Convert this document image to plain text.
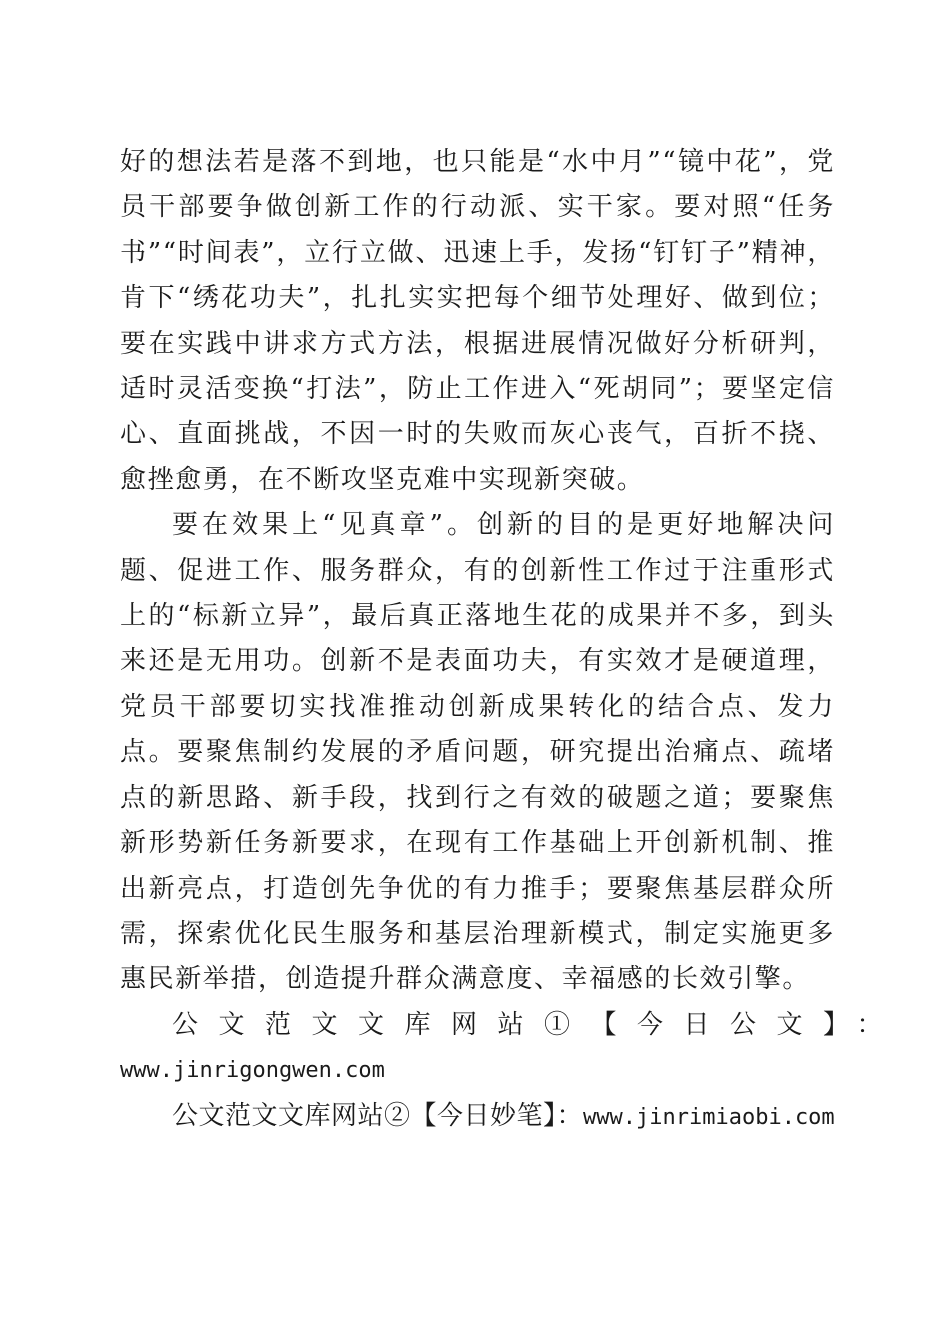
好的想法若是落不到地，也只能是“水中月”“镜中花”，党员干部要争做创新工作的行动派、实干家。要对照“任务书”“时间表”，立行立做、迅速上手，发扬“钉钉子”精神，肯下“绣花功夫”，扎扎实实把每个细节处理好、做到位；要在实践中讲求方式方法，根据进展情况做好分析研判，适时灵活变换“打法”，防止工作进入“死胡同”；要坚定信心、直面挑战，不因一时的失败而灰心丧气，百折不挠、愈挫愈勇，在不断攻坚克难中实现新突破。

要在效果上“见真章”。创新的目的是更好地解决问题、促进工作、服务群众，有的创新性工作过于注重形式上的“标新立异”，最后真正落地生花的成果并不多，到头来还是无用功。创新不是表面功夫，有实效才是硬道理，党员干部要切实找准推动创新成果转化的结合点、发力点。要聚焦制约发展的矛盾问题，研究提出治痛点、疏堵点的新思路、新手段，找到行之有效的破题之道；要聚焦新形势新任务新要求，在现有工作基础上开创新机制、推出新亮点，打造创先争优的有力推手；要聚焦基层群众所需，探索优化民生服务和基层治理新模式，制定实施更多惠民新举措，创造提升群众满意度、幸福感的长效引擎。

公文范文文库网站①【今日公文】：

www.jinrigongwen.com

公文范文文库网站②【今日妙笔】：www.jinrimiaobi.com
